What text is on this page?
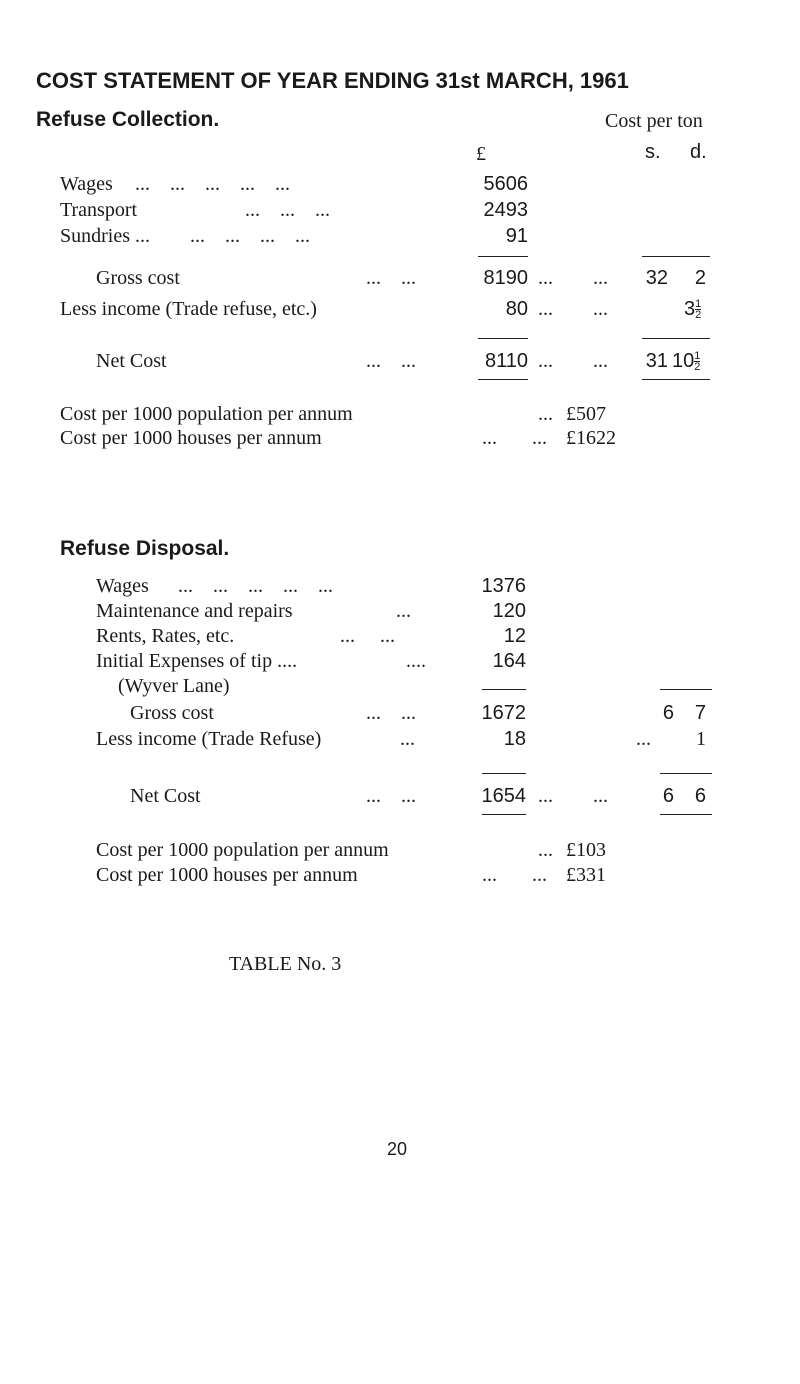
COST STATEMENT OF YEAR ENDING 31st MARCH, 1961
Refuse Collection.	Cost per ton
£	s. d.
Wages ...    ...    ...    ...    ...	5606
Transport	...    ...    ...	2493
Sundries ... ...    ...    ...    ...	91
Gross cost	...    ...	8190 ...        ...	32	2
Less income (Trade refuse, etc.)	80 ...        ...	$3 \frac{1}{2}$
Net Cost	...    ...	8110 ...        ...	31 $10 \frac{1}{2}$
Cost per 1000 population per annum	... £507
Cost per 1000 houses per annum	...       ... £1622
Refuse Disposal.
Wages ...    ...    ...    ...    ...	1376
Maintenance and repairs	...	120
Rents, Rates, etc.	...     ...	12
Initial Expenses of tip ....	....	164
(Wyver Lane)
Gross cost	...    ...	1672	6	7
Less income (Trade Refuse)	...	18	...	1
Net Cost	...    ...	1654 ...        ...	6	6
Cost per 1000 population per annum	... £103
Cost per 1000 houses per annum	...       ... £331
TABLE No. 3
20
